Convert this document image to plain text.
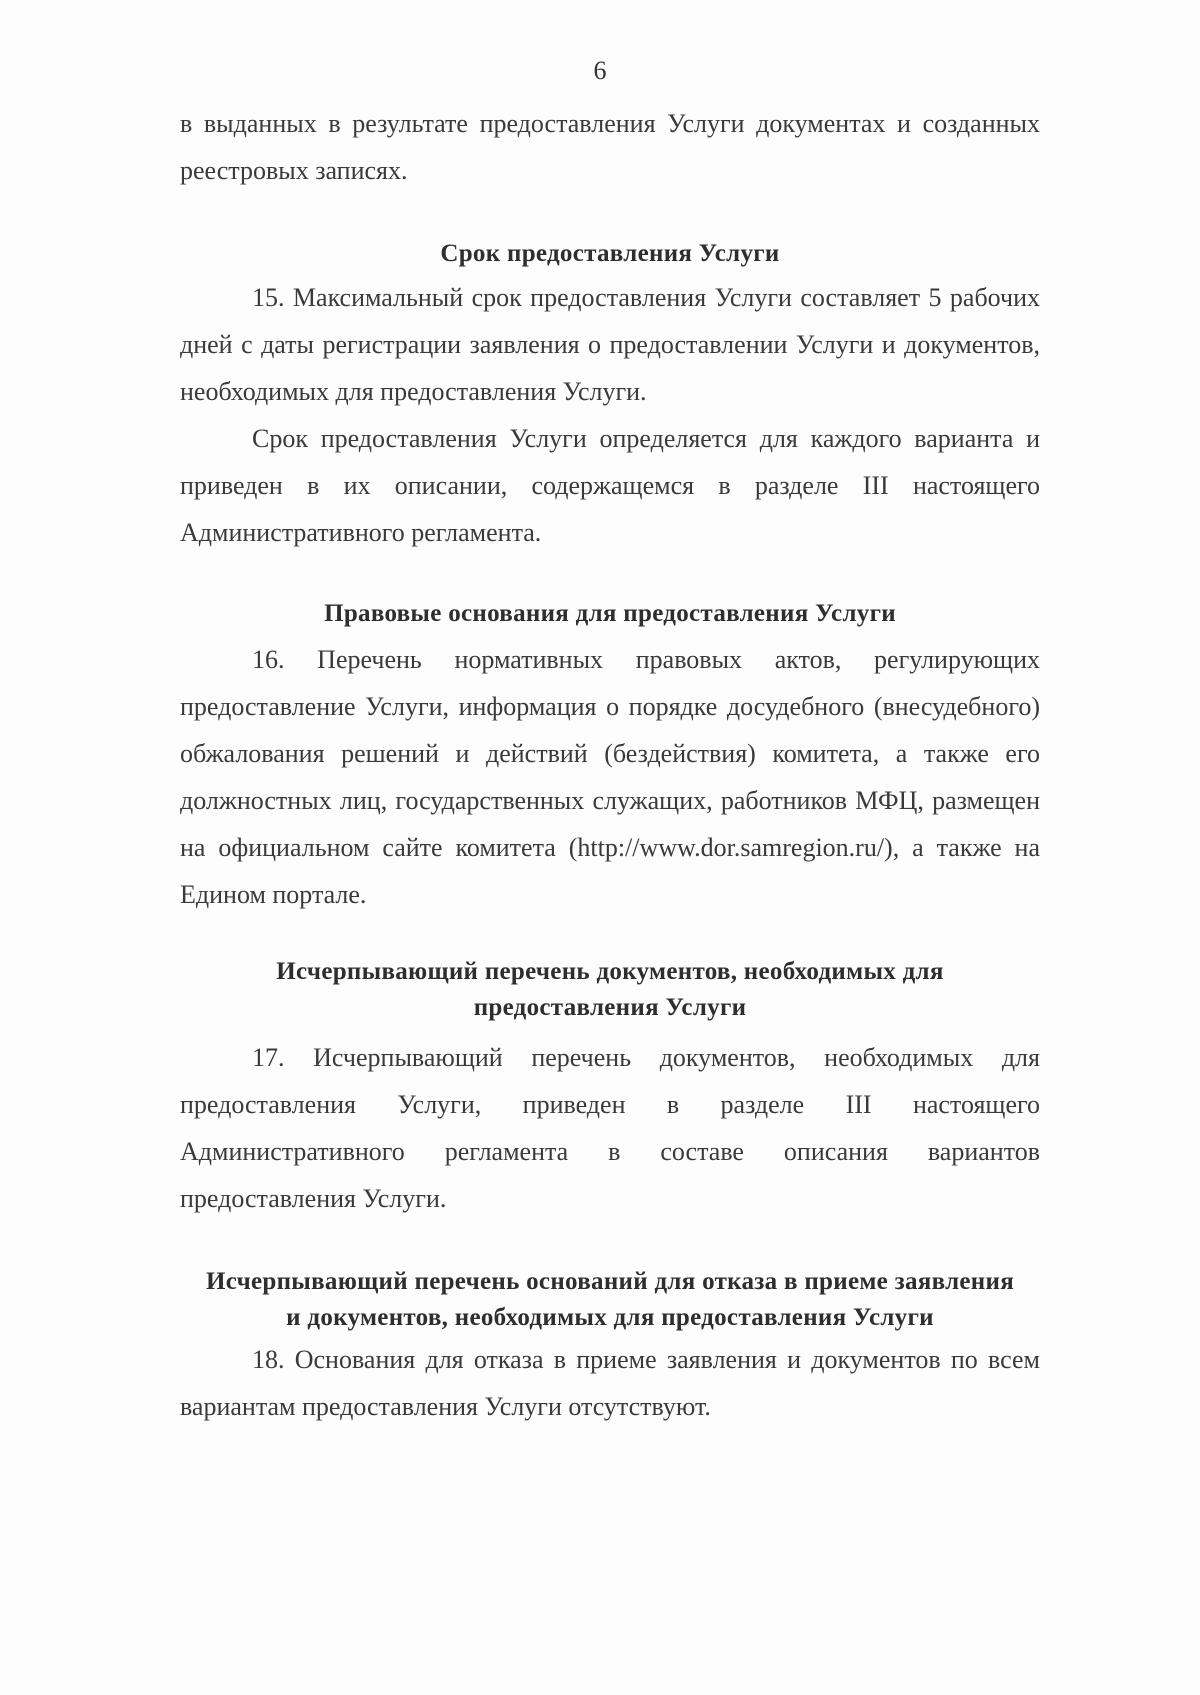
6

в выданных в результате предоставления Услуги документах и созданных реестровых записях.

Срок предоставления Услуги

15. Максимальный срок предоставления Услуги составляет 5 рабочих дней с даты регистрации заявления о предоставлении Услуги и документов, необходимых для предоставления Услуги.

Срок предоставления Услуги определяется для каждого варианта и приведен в их описании, содержащемся в разделе III настоящего Административного регламента.

Правовые основания для предоставления Услуги

16. Перечень нормативных правовых актов, регулирующих предоставление Услуги, информация о порядке досудебного (внесудебного) обжалования решений и действий (бездействия) комитета, а также его должностных лиц, государственных служащих, работников МФЦ, размещен на официальном сайте комитета (http://www.dor.samregion.ru/), а также на Едином портале.

Исчерпывающий перечень документов, необходимых для
предоставления Услуги

17. Исчерпывающий перечень документов, необходимых для предоставления Услуги, приведен в разделе III настоящего Административного регламента в составе описания вариантов предоставления Услуги.

Исчерпывающий перечень оснований для отказа в приеме заявления
и документов, необходимых для предоставления Услуги

18. Основания для отказа в приеме заявления и документов по всем вариантам предоставления Услуги отсутствуют.
